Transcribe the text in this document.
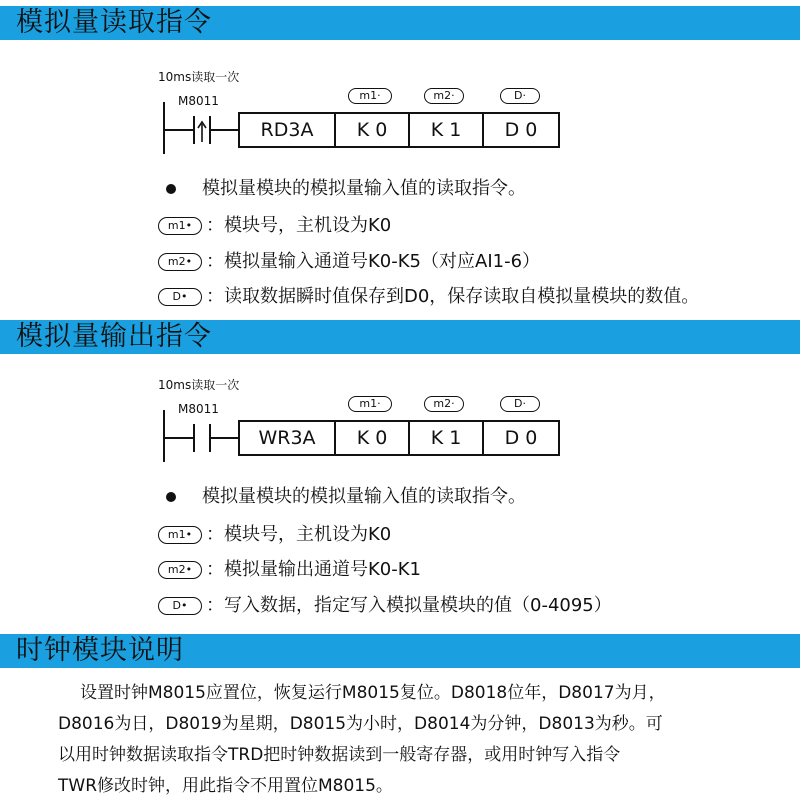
模拟量读取指令
10ms读取一次
M8011	m1·	m2·	D·
RD3A	K 0	K 1	D 0
模拟量模块的模拟量输入值的读取指令。
m1• ：模块号，主机设为K0
m2• ：模拟量输入通道号K0-K5（对应AI1-6）
D• ：读取数据瞬时值保存到D0，保存读取自模拟量模块的数值。
模拟量输出指令
10ms读取一次
M8011	m1·	m2·	D·
WR3A	K 0	K 1	D 0
模拟量模块的模拟量输入值的读取指令。
m1• ：模块号，主机设为K0
m2• ：模拟量输出通道号K0-K1
D• ：写入数据，指定写入模拟量模块的值（0-4095）
时钟模块说明

设置时钟M8015应置位，恢复运行M8015复位。D8018位年，D8017为月，

D8016为日，D8019为星期，D8015为小时，D8014为分钟，D8013为秒。可

以用时钟数据读取指令TRD把时钟数据读到一般寄存器，或用时钟写入指令

TWR修改时钟，用此指令不用置位M8015。
